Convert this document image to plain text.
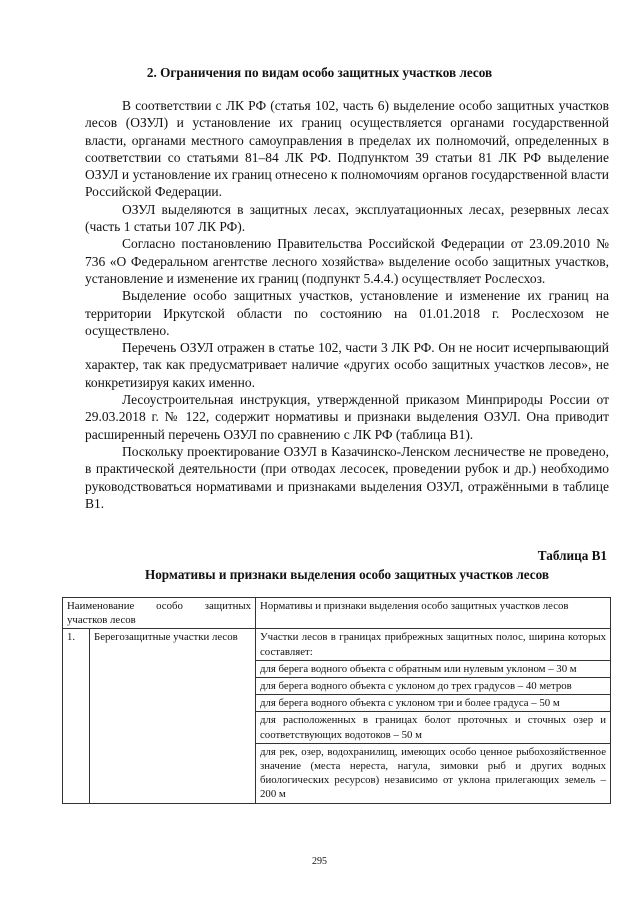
2. Ограничения по видам особо защитных участков лесов

В соответствии с ЛК РФ (статья 102, часть 6) выделение особо защитных участков лесов (ОЗУЛ) и установление их границ осуществляется органами государственной власти, органами местного самоуправления в пределах их полномочий, определенных в соответствии со статьями 81–84 ЛК РФ. Подпунктом 39 статьи 81 ЛК РФ выделение ОЗУЛ и установление их границ отнесено к полномочиям органов государственной власти Российской Федерации.

ОЗУЛ выделяются в защитных лесах, эксплуатационных лесах, резервных лесах (часть 1 статьи 107 ЛК РФ).

Согласно постановлению Правительства Российской Федерации от 23.09.2010 № 736 «О Федеральном агентстве лесного хозяйства» выделение особо защитных участков, установление и изменение их границ (подпункт 5.4.4.) осуществляет Рослесхоз.

Выделение особо защитных участков, установление и изменение их границ на территории Иркутской области по состоянию на 01.01.2018 г. Рослесхозом не осуществлено.

Перечень ОЗУЛ отражен в статье 102, части 3 ЛК РФ. Он не носит исчерпывающий характер, так как предусматривает наличие «других особо защитных участков лесов», не конкретизируя каких именно.

Лесоустроительная инструкция, утвержденной приказом Минприроды России от 29.03.2018 г. № 122, содержит нормативы и признаки выделения ОЗУЛ. Она приводит расширенный перечень ОЗУЛ по сравнению с ЛК РФ (таблица В1).

Поскольку проектирование ОЗУЛ в Казачинско-Ленском лесничестве не проведено, в практической деятельности (при отводах лесосек, проведении рубок и др.) необходимо руководствоваться нормативами и признаками выделения ОЗУЛ, отражёнными в таблице В1.

Таблица В1
Нормативы и признаки выделения особо защитных участков лесов
Наименование особо защитных участков лесов		Нормативы и признаки выделения особо защитных участков лесов
1.	Берегозащитные участки лесов	Участки лесов в границах прибрежных защитных полос, ширина которых составляет:
		для берега водного объекта с обратным или нулевым уклоном – 30 м
		для берега водного объекта с уклоном до трех градусов – 40 метров
		для берега водного объекта с уклоном три и более градуса – 50 м
		для расположенных в границах болот проточных и сточных озер и соответствующих водотоков – 50 м
		для рек, озер, водохранилищ, имеющих особо ценное рыбохозяйственное значение (места нереста, нагула, зимовки рыб и других водных биологических ресурсов) независимо от уклона прилегающих земель – 200 м
295
